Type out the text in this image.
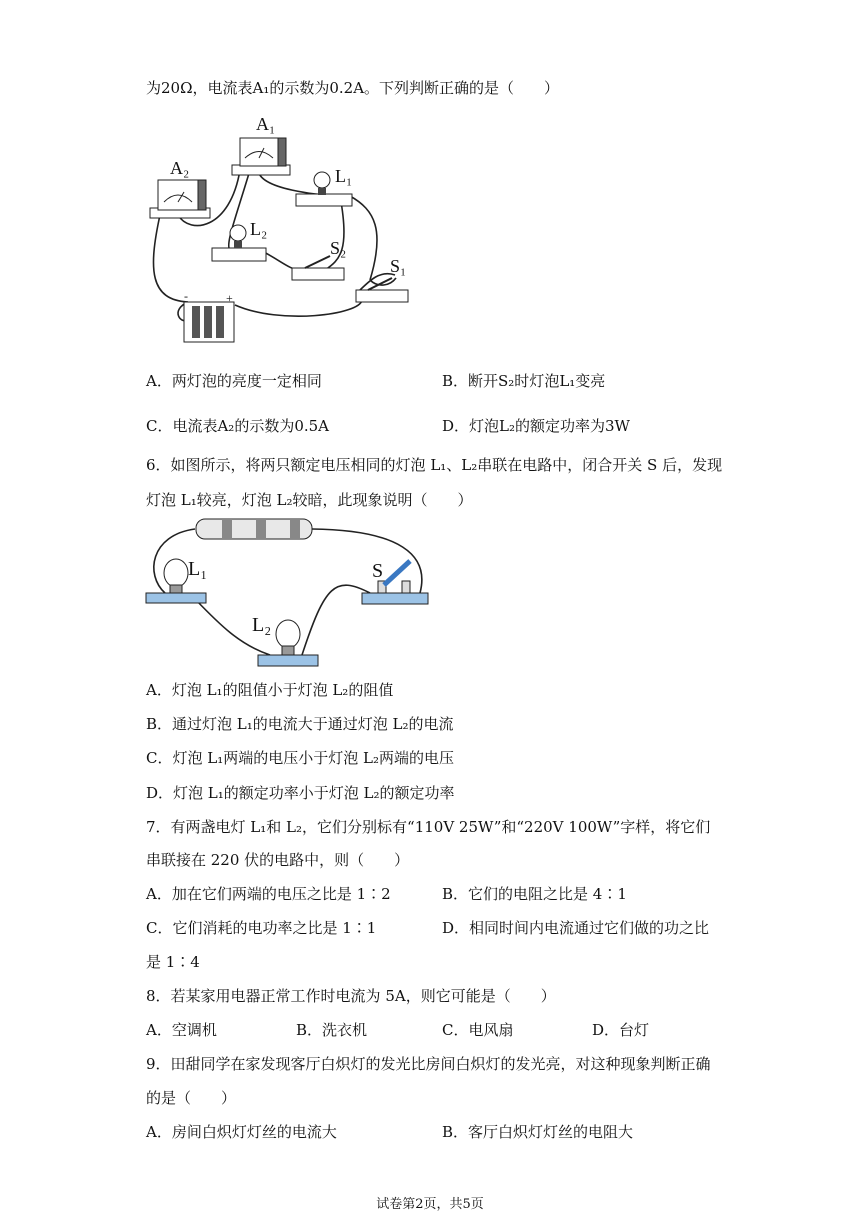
为20Ω，电流表A₁的示数为0.2A。下列判断正确的是（　　）
A₂
A₁
L₁
L₂
S₂
S₁
-	+
A．两灯泡的亮度一定相同	B．断开S₂时灯泡L₁变亮
C．电流表A₂的示数为0.5A	D．灯泡L₂的额定功率为3W
6．如图所示，将两只额定电压相同的灯泡 L₁、L₂串联在电路中，闭合开关 S 后，发现
灯泡 L₁较亮，灯泡 L₂较暗，此现象说明（　　）
L₁
L₂
S
A．灯泡 L₁的阻值小于灯泡 L₂的阻值
B．通过灯泡 L₁的电流大于通过灯泡 L₂的电流
C．灯泡 L₁两端的电压小于灯泡 L₂两端的电压
D．灯泡 L₁的额定功率小于灯泡 L₂的额定功率
7．有两盏电灯 L₁和 L₂，它们分别标有“110V 25W”和“220V 100W”字样，将它们
串联接在 220 伏的电路中，则（　　）
A．加在它们两端的电压之比是 1∶2	B．它们的电阻之比是 4∶1
C．它们消耗的电功率之比是 1∶1	D．相同时间内电流通过它们做的功之比
是 1∶4
8．若某家用电器正常工作时电流为 5A，则它可能是（　　）
A．空调机	B．洗衣机	C．电风扇	D．台灯
9．田甜同学在家发现客厅白炽灯的发光比房间白炽灯的发光亮，对这种现象判断正确
的是（　　）
A．房间白炽灯灯丝的电流大	B．客厅白炽灯灯丝的电阻大
试卷第2页，共5页
